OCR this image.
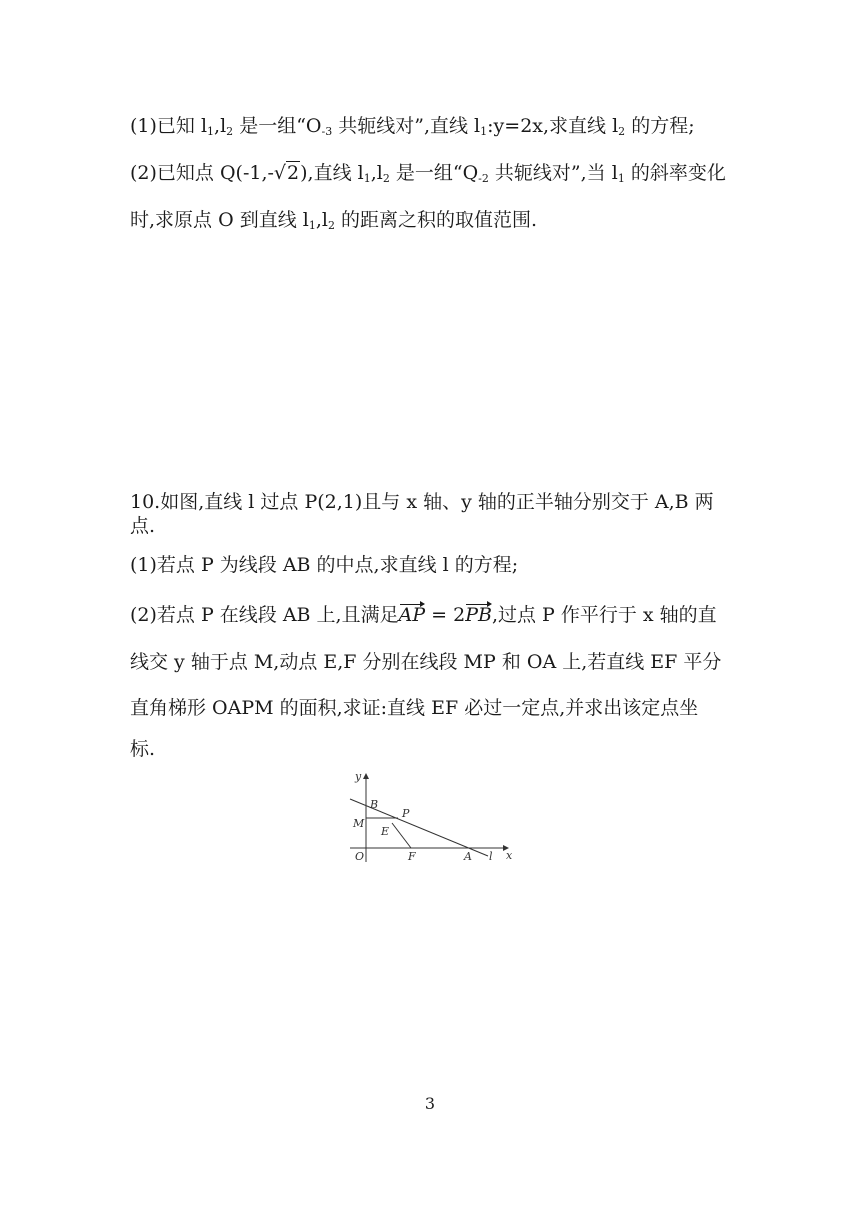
(1)已知 $l_1,l_2$ 是一组“$O_{-3}$ 共轭线对”,直线 $l_1:y=2x$,求直线 $l_2$ 的方程;
(2)已知点 Q(-1,-√2),直线 $l_1,l_2$ 是一组“$Q_{-2}$ 共轭线对”,当 $l_1$ 的斜率变化
时,求原点 O 到直线 $l_1,l_2$ 的距离之积的取值范围.
10.如图,直线 l 过点 P(2,1)且与 x 轴、y 轴的正半轴分别交于 A,B 两点.
(1)若点 P 为线段 AB 的中点,求直线 l 的方程;
(2)若点 P 在线段 AB 上,且满足AP = 2PB,过点 P 作平行于 x 轴的直
线交 y 轴于点 M,动点 E,F 分别在线段 MP 和 OA 上,若直线 EF 平分
直角梯形 OAPM 的面积,求证:直线 EF 必过一定点,并求出该定点坐
标.
y
x
B
P
M
E
O	F	A l
3
